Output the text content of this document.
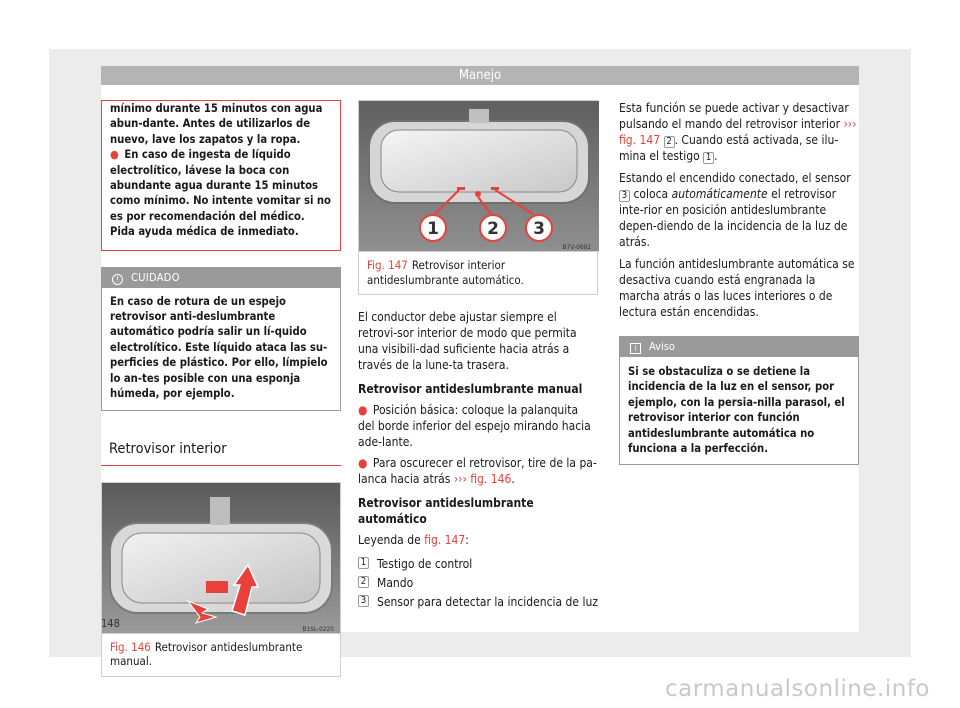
Manejo

mínimo durante 15 minutos con agua abun-dante. Antes de utilizarlos de nuevo, lave los zapatos y la ropa.

● En caso de ingesta de líquido electrolítico, lávese la boca con abundante agua durante 15 minutos como mínimo. No intente vomitar si no es por recomendación del médico. Pida ayuda médica de inmediato.

! CUIDADO
En caso de rotura de un espejo retrovisor anti-deslumbrante automático podría salir un lí-quido electrolítico. Este líquido ataca las su-perficies de plástico. Por ello, límpielo lo an-tes posible con una esponja húmeda, por ejemplo.
Retrovisor interior
B1SL-0220
Fig. 146 Retrovisor antideslumbrante manual.
1	2 3
B7V-0692
Fig. 147 Retrovisor interior antideslumbrante automático.

El conductor debe ajustar siempre el retrovi-sor interior de modo que permita una visibili-dad suficiente hacia atrás a través de la lune-ta trasera.

Retrovisor antideslumbrante manual

● Posición básica: coloque la palanquita del borde inferior del espejo mirando hacia ade-lante.

● Para oscurecer el retrovisor, tire de la pa-lanca hacia atrás ››› fig. 146.

Retrovisor antideslumbrante automático

Leyenda de fig. 147:

1 Testigo de control
2 Mando
3 Sensor para detectar la incidencia de luz

Esta función se puede activar y desactivar pulsando el mando del retrovisor interior ››› fig. 147 2 . Cuando está activada, se ilu-mina el testigo 1 .

Estando el encendido conectado, el sensor 3 coloca automáticamente el retrovisor inte-rior en posición antideslumbrante depen-diendo de la incidencia de la luz de atrás.

La función antideslumbrante automática se desactiva cuando está engranada la marcha atrás o las luces interiores o de lectura están encendidas.

i Aviso
Si se obstaculiza o se detiene la incidencia de la luz en el sensor, por ejemplo, con la persia-nilla parasol, el retrovisor interior con función antideslumbrante automática no funciona a la perfección.
148
carmanualsonline.info
